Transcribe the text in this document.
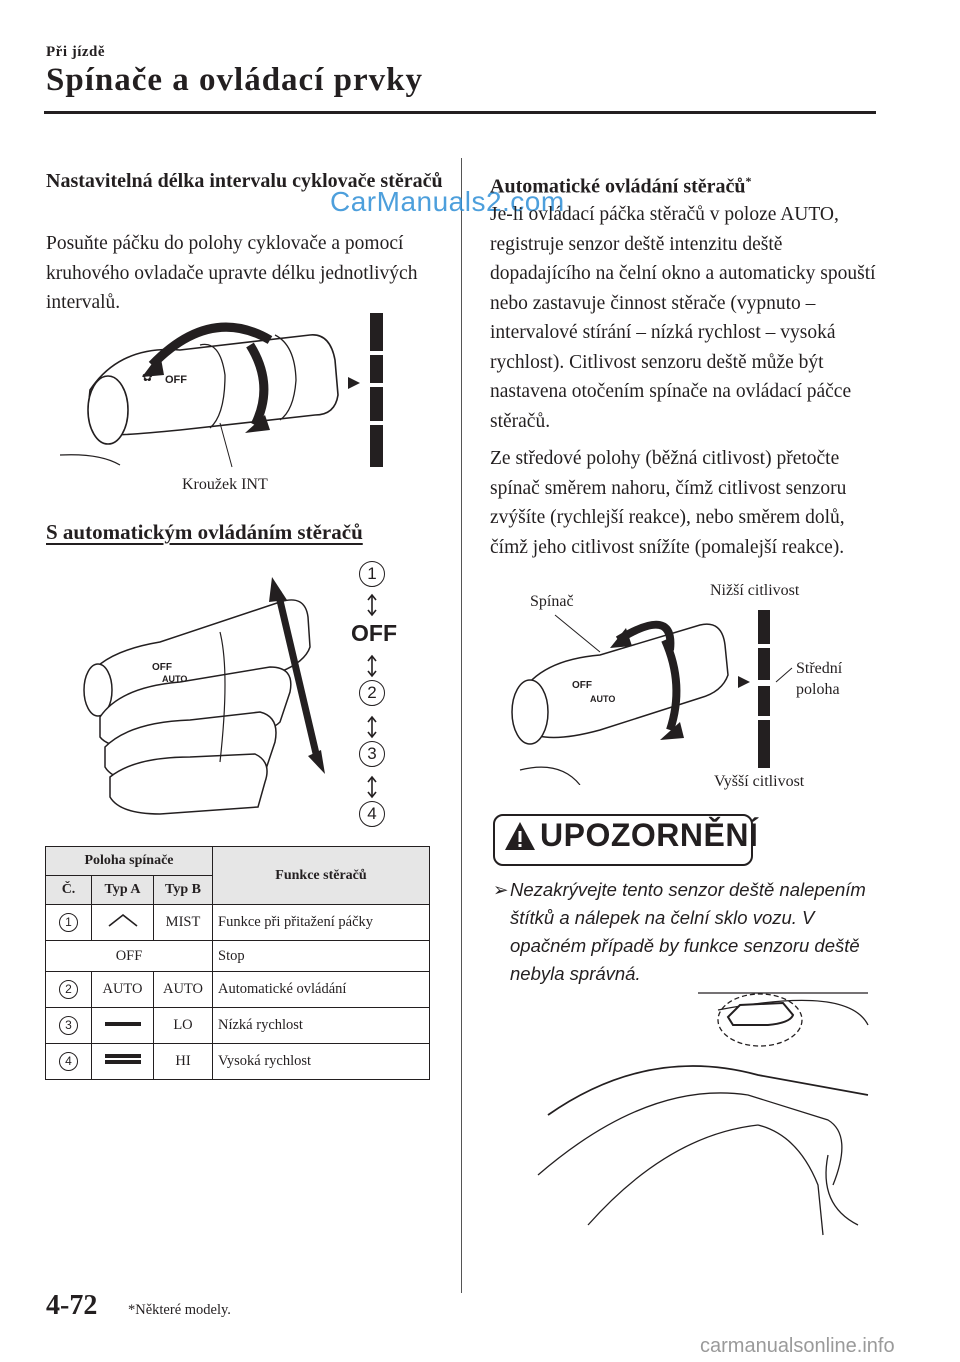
Při jízdě
Spínače a ovládací prvky
Nastavitelná délka intervalu cyklovače stěračů
CarManuals2.com
Posuňte páčku do polohy cyklovače a pomocí kruhového ovladače upravte délku jednotlivých intervalů.
OFF
✿
Kroužek INT
S automatickým ovládáním stěračů
OFF
AUTO
1
OFF
2
3
4
Poloha spínače			Funkce stěračů
Č.	Typ A	Typ B	
1		MIST	Funkce při přitažení páčky
OFF			Stop
2	AUTO	AUTO	Automatické ovládání
3		LO	Nízká rychlost
4		HI	Vysoká rychlost
Automatické ovládání stěračů*
Je-li ovládací páčka stěračů v poloze AUTO, registruje senzor deště intenzitu deště dopadajícího na čelní okno a automaticky spouští nebo zastavuje činnost stěrače (vypnuto – intervalové stírání – nízká rychlost – vysoká rychlost). Citlivost senzoru deště může být nastavena otočením spínače na ovládací páčce stěračů.
Ze středové polohy (běžná citlivost) přetočte spínač směrem nahoru, čímž citlivost senzoru zvýšíte (rychlejší reakce), nebo směrem dolů, čímž jeho citlivost snížíte (pomalejší reakce).
OFF
AUTO
Spínač
Nižší citlivost
Střední
poloha
Vyšší citlivost
UPOZORNĚNÍ
➢ Nezakrývejte tento senzor deště nalepením štítků a nálepek na čelní sklo vozu. V opačném případě by funkce senzoru deště nebyla správná.
4-72 *Některé modely.
carmanualsonline.info
